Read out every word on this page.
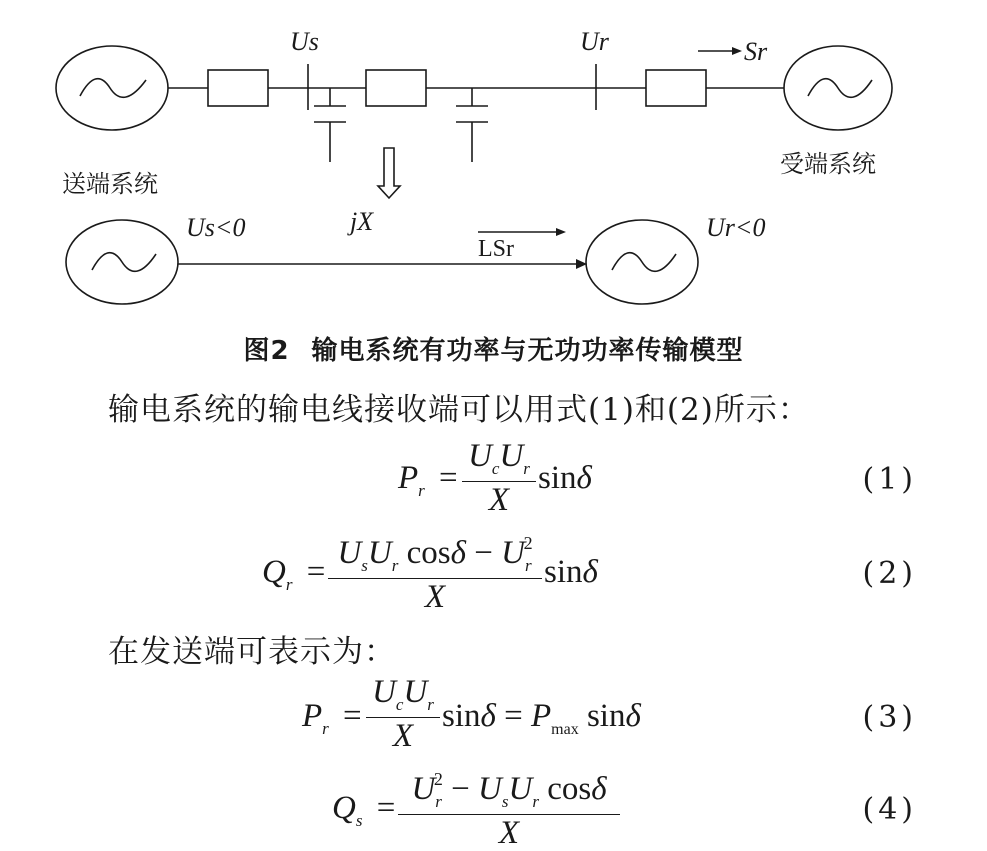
Us	Ur	Sr
送端系统
受端系统
jX
Us<0	Ur<0
LSr
图2 输电系统有功率与无功功率传输模型
输电系统的输电线接收端可以用式(1)和(2)所示：
$P_r$ =
$U_cU_r$
X
sinδ	(1)
$Q_r$ =
$U_sU_r$ $\cos\delta - U_r^2$
X
sinδ	(2)
在发送端可表示为：
$P_r$ =
$U_cU_r$
X
$\sin\delta = P_{max}$ sinδ	(3)
$Q_s$ =
$U_r^2 - U_sU_r$ cosδ
X
(4)
